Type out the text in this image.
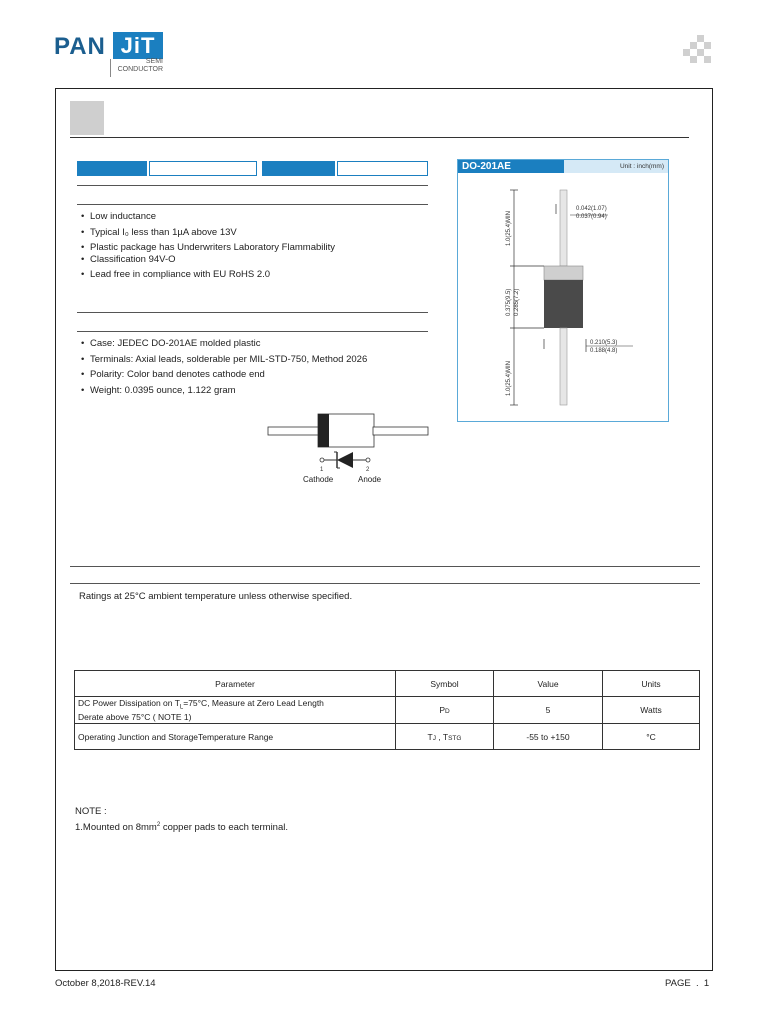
PAN JiT
SEMI
CONDUCTOR
• Low inductance
• Typical I₀ less than 1µA above 13V
• Plastic package has Underwriters Laboratory Flammability
• Classification 94V-O
• Lead free in compliance with EU RoHS 2.0
• Case: JEDEC DO-201AE molded plastic
• Terminals: Axial leads, solderable per MIL-STD-750, Method 2026
• Polarity: Color band denotes cathode end
• Weight: 0.0395 ounce, 1.122 gram
DO-201AE	Unit : inch(mm)
0.042(1.07)
0.037(0.94)
0.210(5.3)
0.188(4.8)
1.0(25.4)MIN
0.375(9.5) 0.285(7.2)
1.0(25.4)MIN
1	2
Cathode	Anode
Ratings at 25°C ambient temperature unless otherwise specified.
Parameter	Symbol	Value	Units
DC Power Dissipation on $T_L=75^\circ C$, Measure at Zero Lead Length
Derate above 75°C ( NOTE 1)	PD	5	Watts
Operating Junction and StorageTemperature Range	TJ , TSTG	-55 to +150	°C
NOTE :
1.Mounted on $8mm^2$ copper pads to each terminal.
October 8,2018-REV.14	PAGE  .  1
